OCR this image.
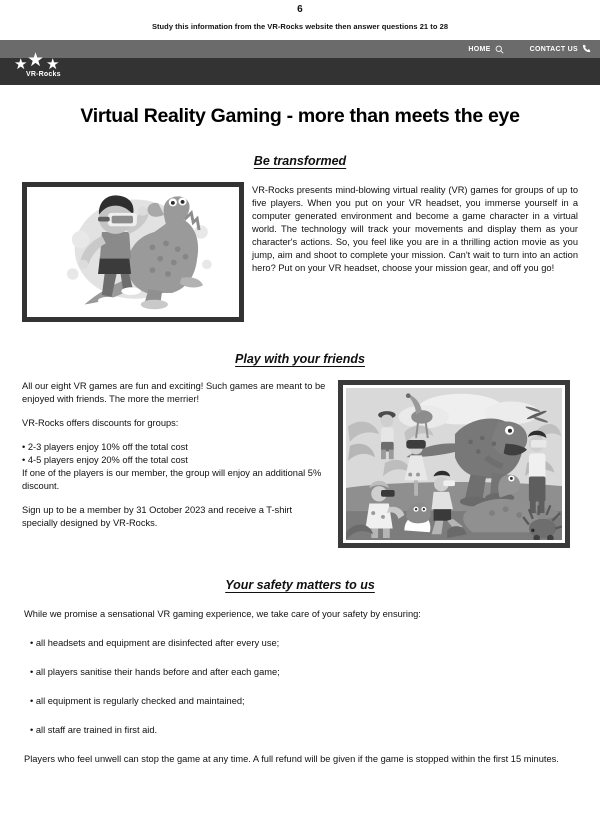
6
Study this information from the VR-Rocks website then answer questions 21 to 28
HOME	CONTACT US
★ ★ ★
VR-Rocks
Virtual Reality Gaming - more than meets the eye
Be transformed
VR-Rocks presents mind-blowing virtual reality (VR) games for groups of up to five players. When you put on your VR headset, you immerse yourself in a computer generated environment and become a game character in a virtual world. The technology will track your movements and display them as your character's actions. So, you feel like you are in a thrilling action movie as you jump, aim and shoot to complete your mission. Can't wait to turn into an action hero? Put on your VR headset, choose your mission gear, and off you go!
Play with your friends

All our eight VR games are fun and exciting! Such games are meant to be enjoyed with friends. The more the merrier!

VR-Rocks offers discounts for groups:

• 2-3 players enjoy 10% off the total cost

• 4-5 players enjoy 20% off the total cost

If one of the players is our member, the group will enjoy an additional 5% discount.

Sign up to be a member by 31 October 2023 and receive a T-shirt specially designed by VR-Rocks.

Your safety matters to us

While we promise a sensational VR gaming experience, we take care of your safety by ensuring:

• all headsets and equipment are disinfected after every use;

• all players sanitise their hands before and after each game;

• all equipment is regularly checked and maintained;

• all staff are trained in first aid.

Players who feel unwell can stop the game at any time. A full refund will be given if the game is stopped within the first 15 minutes.
